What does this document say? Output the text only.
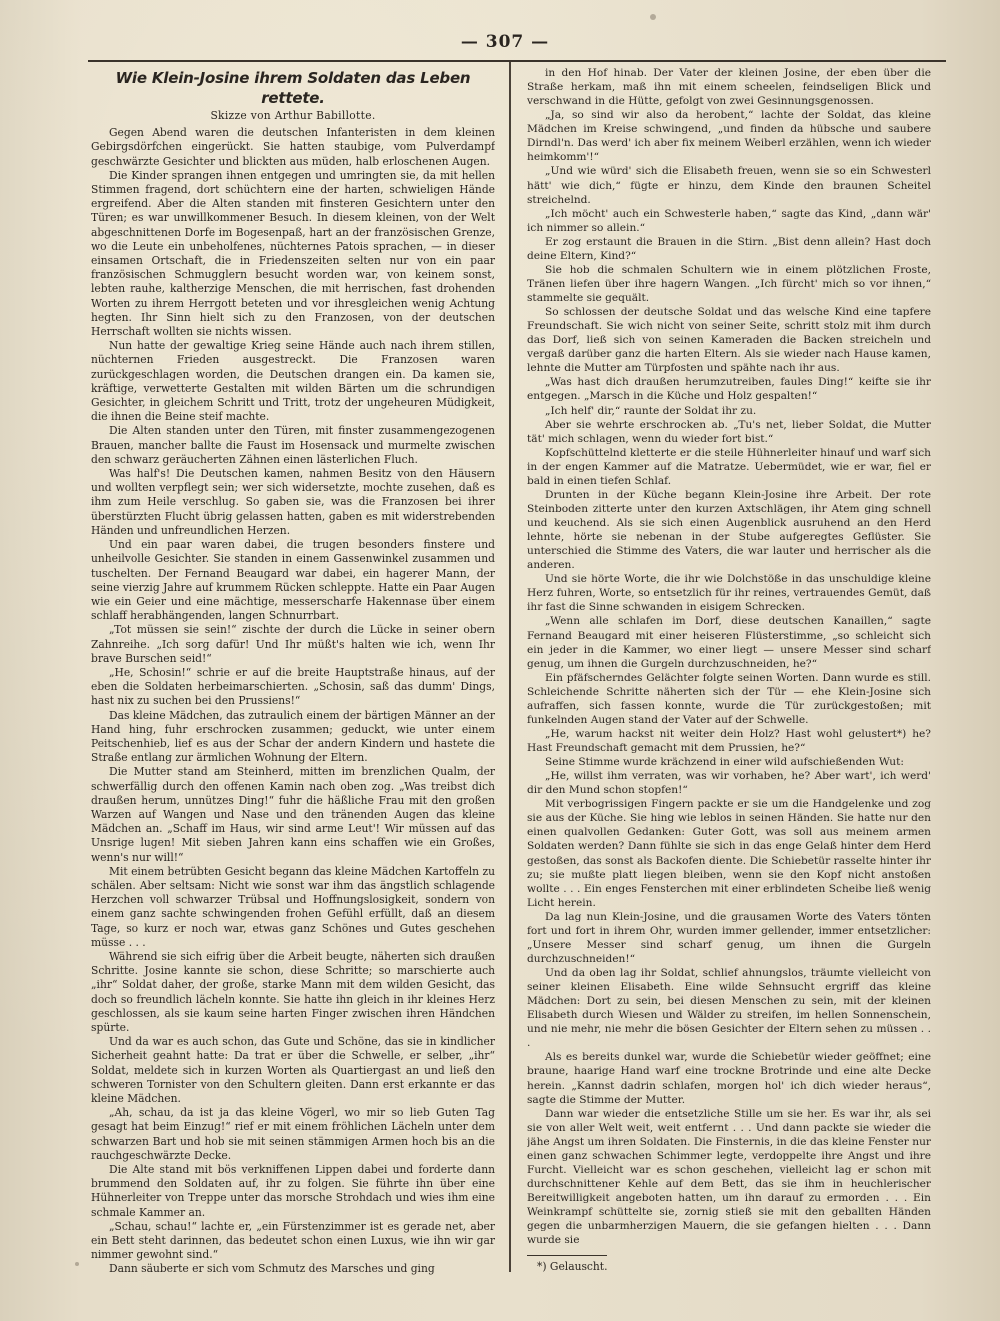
— 307 —
Wie Klein-Josine ihrem Soldaten das Leben rettete.
Skizze von Arthur Babillotte.

Gegen Abend waren die deutschen Infanteristen in dem kleinen Gebirgsdörfchen eingerückt. Sie hatten staubige, vom Pulverdampf geschwärzte Gesichter und blickten aus müden, halb erloschenen Augen.

Die Kinder sprangen ihnen entgegen und umringten sie, da mit hellen Stimmen fragend, dort schüchtern eine der harten, schwieligen Hände ergreifend. Aber die Alten standen mit finsteren Gesichtern unter den Türen; es war unwillkommener Besuch. In diesem kleinen, von der Welt abgeschnittenen Dorfe im Bogesenpaß, hart an der französischen Grenze, wo die Leute ein unbeholfenes, nüchternes Patois sprachen, — in dieser einsamen Ortschaft, die in Friedenszeiten selten nur von ein paar französischen Schmugglern besucht worden war, von keinem sonst, lebten rauhe, kaltherzige Menschen, die mit herrischen, fast drohenden Worten zu ihrem Herrgott beteten und vor ihresgleichen wenig Achtung hegten. Ihr Sinn hielt sich zu den Franzosen, von der deutschen Herrschaft wollten sie nichts wissen.

Nun hatte der gewaltige Krieg seine Hände auch nach ihrem stillen, nüchternen Frieden ausgestreckt. Die Franzosen waren zurückgeschlagen worden, die Deutschen drangen ein. Da kamen sie, kräftige, verwetterte Gestalten mit wilden Bärten um die schrundigen Gesichter, in gleichem Schritt und Tritt, trotz der ungeheuren Müdigkeit, die ihnen die Beine steif machte.

Die Alten standen unter den Türen, mit finster zusammengezogenen Brauen, mancher ballte die Faust im Hosensack und murmelte zwischen den schwarz geräucherten Zähnen einen lästerlichen Fluch.

Was half's! Die Deutschen kamen, nahmen Besitz von den Häusern und wollten verpflegt sein; wer sich widersetzte, mochte zusehen, daß es ihm zum Heile verschlug. So gaben sie, was die Franzosen bei ihrer überstürzten Flucht übrig gelassen hatten, gaben es mit widerstrebenden Händen und unfreundlichen Herzen.

Und ein paar waren dabei, die trugen besonders finstere und unheilvolle Gesichter. Sie standen in einem Gassenwinkel zusammen und tuschelten. Der Fernand Beaugard war dabei, ein hagerer Mann, der seine vierzig Jahre auf krummem Rücken schleppte. Hatte ein Paar Augen wie ein Geier und eine mächtige, messerscharfe Hakennase über einem schlaff herabhängenden, langen Schnurrbart.

„Tot müssen sie sein!“ zischte der durch die Lücke in seiner obern Zahnreihe. „Ich sorg dafür! Und Ihr müßt's halten wie ich, wenn Ihr brave Burschen seid!“

„He, Schosin!“ schrie er auf die breite Hauptstraße hinaus, auf der eben die Soldaten herbeimarschierten. „Schosin, saß das dumm' Dings, hast nix zu suchen bei den Prussiens!“

Das kleine Mädchen, das zutraulich einem der bärtigen Männer an der Hand hing, fuhr erschrocken zusammen; geduckt, wie unter einem Peitschenhieb, lief es aus der Schar der andern Kindern und hastete die Straße entlang zur ärmlichen Wohnung der Eltern.

Die Mutter stand am Steinherd, mitten im brenzlichen Qualm, der schwerfällig durch den offenen Kamin nach oben zog. „Was treibst dich draußen herum, unnützes Ding!“ fuhr die häßliche Frau mit den großen Warzen auf Wangen und Nase und den tränenden Augen das kleine Mädchen an. „Schaff im Haus, wir sind arme Leut'! Wir müssen auf das Unsrige lugen! Mit sieben Jahren kann eins schaffen wie ein Großes, wenn's nur will!“

Mit einem betrübten Gesicht begann das kleine Mädchen Kartoffeln zu schälen. Aber seltsam: Nicht wie sonst war ihm das ängstlich schlagende Herzchen voll schwarzer Trübsal und Hoffnungslosigkeit, sondern von einem ganz sachte schwingenden frohen Gefühl erfüllt, daß an diesem Tage, so kurz er noch war, etwas ganz Schönes und Gutes geschehen müsse . . .

Während sie sich eifrig über die Arbeit beugte, näherten sich draußen Schritte. Josine kannte sie schon, diese Schritte; so marschierte auch „ihr“ Soldat daher, der große, starke Mann mit dem wilden Gesicht, das doch so freundlich lächeln konnte. Sie hatte ihn gleich in ihr kleines Herz geschlossen, als sie kaum seine harten Finger zwischen ihren Händchen spürte.

Und da war es auch schon, das Gute und Schöne, das sie in kindlicher Sicherheit geahnt hatte: Da trat er über die Schwelle, er selber, „ihr“ Soldat, meldete sich in kurzen Worten als Quartiergast an und ließ den schweren Tornister von den Schultern gleiten. Dann erst erkannte er das kleine Mädchen.

„Ah, schau, da ist ja das kleine Vögerl, wo mir so lieb Guten Tag gesagt hat beim Einzug!“ rief er mit einem fröhlichen Lächeln unter dem schwarzen Bart und hob sie mit seinen stämmigen Armen hoch bis an die rauchgeschwärzte Decke.

Die Alte stand mit bös verkniffenen Lippen dabei und forderte dann brummend den Soldaten auf, ihr zu folgen. Sie führte ihn über eine Hühnerleiter von Treppe unter das morsche Strohdach und wies ihm eine schmale Kammer an.

„Schau, schau!“ lachte er, „ein Fürstenzimmer ist es gerade net, aber ein Bett steht darinnen, das bedeutet schon einen Luxus, wie ihn wir gar nimmer gewohnt sind.“

Dann säuberte er sich vom Schmutz des Marsches und ging

in den Hof hinab. Der Vater der kleinen Josine, der eben über die Straße herkam, maß ihn mit einem scheelen, feindseligen Blick und verschwand in die Hütte, gefolgt von zwei Gesinnungsgenossen.

„Ja, so sind wir also da herobent,“ lachte der Soldat, das kleine Mädchen im Kreise schwingend, „und finden da hübsche und saubere Dirndl'n. Das werd' ich aber fix meinem Weiberl erzählen, wenn ich wieder heimkomm'!“

„Und wie würd' sich die Elisabeth freuen, wenn sie so ein Schwesterl hätt' wie dich,“ fügte er hinzu, dem Kinde den braunen Scheitel streichelnd.

„Ich möcht' auch ein Schwesterle haben,“ sagte das Kind, „dann wär' ich nimmer so allein.“

Er zog erstaunt die Brauen in die Stirn. „Bist denn allein? Hast doch deine Eltern, Kind?“

Sie hob die schmalen Schultern wie in einem plötzlichen Froste, Tränen liefen über ihre hagern Wangen. „Ich fürcht' mich so vor ihnen,“ stammelte sie gequält.

So schlossen der deutsche Soldat und das welsche Kind eine tapfere Freundschaft. Sie wich nicht von seiner Seite, schritt stolz mit ihm durch das Dorf, ließ sich von seinen Kameraden die Backen streicheln und vergaß darüber ganz die harten Eltern. Als sie wieder nach Hause kamen, lehnte die Mutter am Türpfosten und spähte nach ihr aus.

„Was hast dich draußen herumzutreiben, faules Ding!“ keifte sie ihr entgegen. „Marsch in die Küche und Holz gespalten!“

„Ich helf' dir,“ raunte der Soldat ihr zu.

Aber sie wehrte erschrocken ab. „Tu's net, lieber Soldat, die Mutter tät' mich schlagen, wenn du wieder fort bist.“

Kopfschüttelnd kletterte er die steile Hühnerleiter hinauf und warf sich in der engen Kammer auf die Matratze. Uebermüdet, wie er war, fiel er bald in einen tiefen Schlaf.

Drunten in der Küche begann Klein-Josine ihre Arbeit. Der rote Steinboden zitterte unter den kurzen Axtschlägen, ihr Atem ging schnell und keuchend. Als sie sich einen Augenblick ausruhend an den Herd lehnte, hörte sie nebenan in der Stube aufgeregtes Geflüster. Sie unterschied die Stimme des Vaters, die war lauter und herrischer als die anderen.

Und sie hörte Worte, die ihr wie Dolchstöße in das unschuldige kleine Herz fuhren, Worte, so entsetzlich für ihr reines, vertrauendes Gemüt, daß ihr fast die Sinne schwanden in eisigem Schrecken.

„Wenn alle schlafen im Dorf, diese deutschen Kanaillen,“ sagte Fernand Beaugard mit einer heiseren Flüsterstimme, „so schleicht sich ein jeder in die Kammer, wo einer liegt — unsere Messer sind scharf genug, um ihnen die Gurgeln durchzuschneiden, he?“

Ein pfäfscherndes Gelächter folgte seinen Worten. Dann wurde es still. Schleichende Schritte näherten sich der Tür — ehe Klein-Josine sich aufraffen, sich fassen konnte, wurde die Tür zurückgestoßen; mit funkelnden Augen stand der Vater auf der Schwelle.

„He, warum hackst nit weiter dein Holz? Hast wohl gelustert*) he? Hast Freundschaft gemacht mit dem Prussien, he?“

Seine Stimme wurde krächzend in einer wild aufschießenden Wut:

„He, willst ihm verraten, was wir vorhaben, he? Aber wart', ich werd' dir den Mund schon stopfen!“

Mit verbogrissigen Fingern packte er sie um die Handgelenke und zog sie aus der Küche. Sie hing wie leblos in seinen Händen. Sie hatte nur den einen qualvollen Gedanken: Guter Gott, was soll aus meinem armen Soldaten werden? Dann fühlte sie sich in das enge Gelaß hinter dem Herd gestoßen, das sonst als Backofen diente. Die Schiebetür rasselte hinter ihr zu; sie mußte platt liegen bleiben, wenn sie den Kopf nicht anstoßen wollte . . . Ein enges Fensterchen mit einer erblindeten Scheibe ließ wenig Licht herein.

Da lag nun Klein-Josine, und die grausamen Worte des Vaters tönten fort und fort in ihrem Ohr, wurden immer gellender, immer entsetzlicher: „Unsere Messer sind scharf genug, um ihnen die Gurgeln durchzuschneiden!“

Und da oben lag ihr Soldat, schlief ahnungslos, träumte vielleicht von seiner kleinen Elisabeth. Eine wilde Sehnsucht ergriff das kleine Mädchen: Dort zu sein, bei diesen Menschen zu sein, mit der kleinen Elisabeth durch Wiesen und Wälder zu streifen, im hellen Sonnenschein, und nie mehr, nie mehr die bösen Gesichter der Eltern sehen zu müssen . . .

Als es bereits dunkel war, wurde die Schiebetür wieder geöffnet; eine braune, haarige Hand warf eine trockne Brotrinde und eine alte Decke herein. „Kannst dadrin schlafen, morgen hol' ich dich wieder heraus“, sagte die Stimme der Mutter.

Dann war wieder die entsetzliche Stille um sie her. Es war ihr, als sei sie von aller Welt weit, weit entfernt . . . Und dann packte sie wieder die jähe Angst um ihren Soldaten. Die Finsternis, in die das kleine Fenster nur einen ganz schwachen Schimmer legte, verdoppelte ihre Angst und ihre Furcht. Vielleicht war es schon geschehen, vielleicht lag er schon mit durchschnittener Kehle auf dem Bett, das sie ihm in heuchlerischer Bereitwilligkeit angeboten hatten, um ihn darauf zu ermorden . . . Ein Weinkrampf schüttelte sie, zornig stieß sie mit den geballten Händen gegen die unbarmherzigen Mauern, die sie gefangen hielten . . . Dann wurde sie

*) Gelauscht.
